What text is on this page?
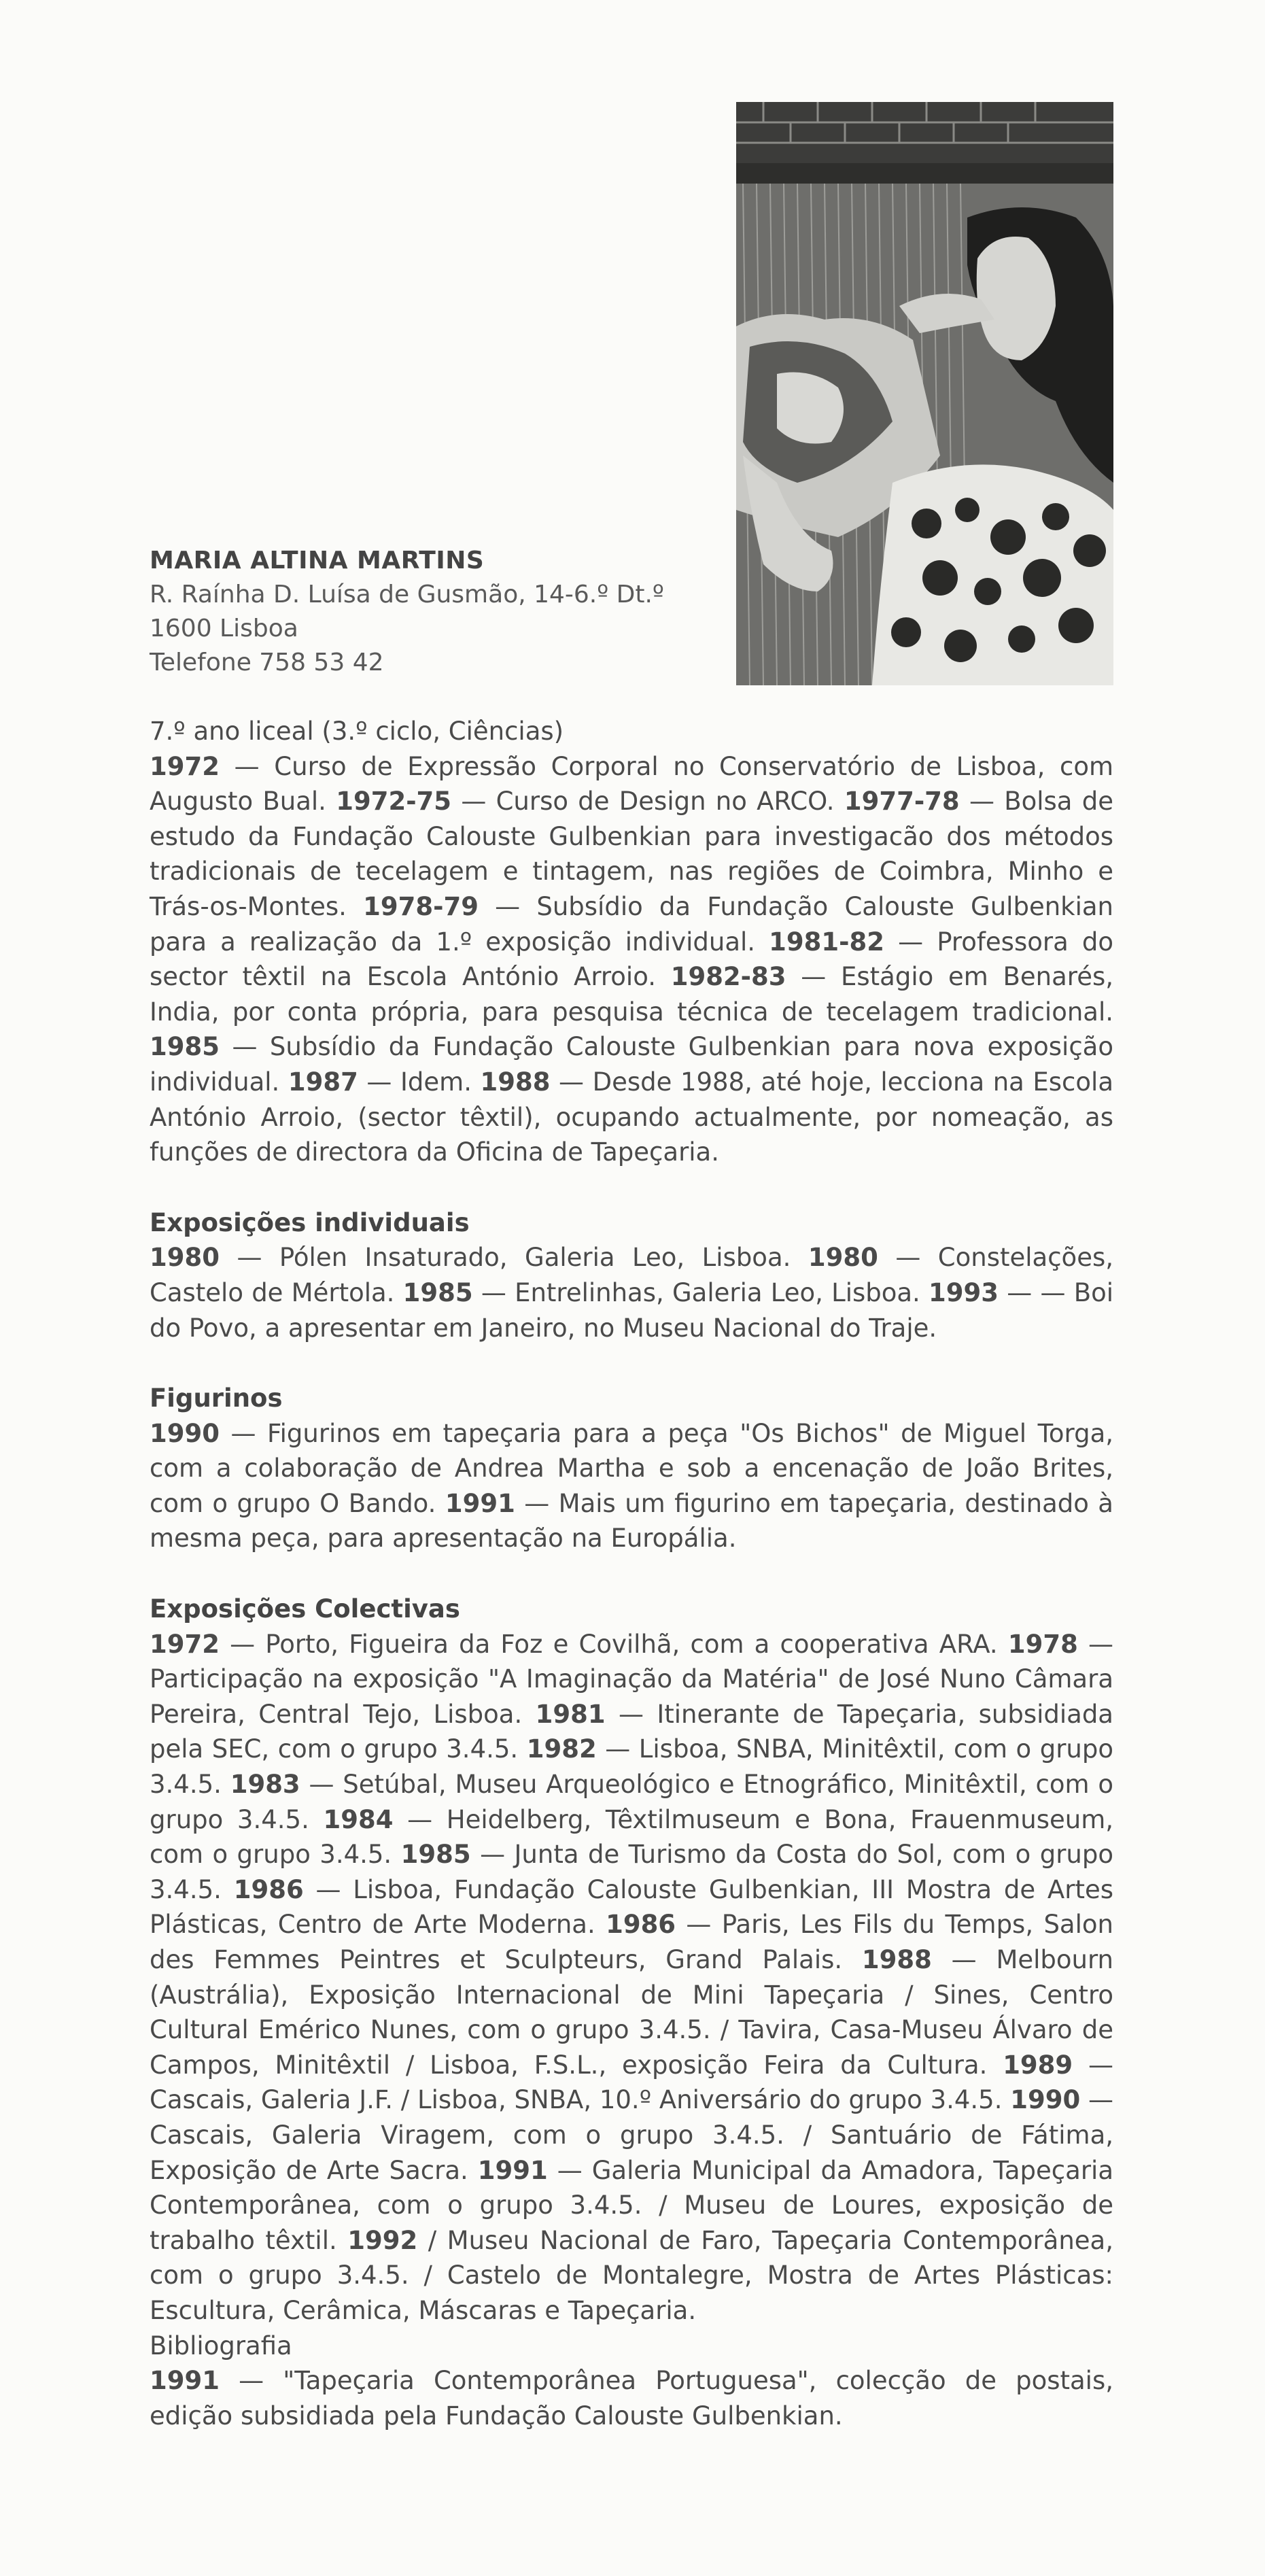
MARIA ALTINA MARTINS
R. Raínha D. Luísa de Gusmão, 14-6.º Dt.º
1600 Lisboa
Telefone 758 53 42

7.º ano liceal (3.º ciclo, Ciências)

1972 — Curso de Expressão Corporal no Conservatório de Lisboa, com Augusto Bual. 1972-75 — Curso de Design no ARCO. 1977-78 — Bolsa de estudo da Fundação Calouste Gulbenkian para investigacão dos métodos tradicionais de tecelagem e tintagem, nas regiões de Coimbra, Minho e Trás-os-Montes. 1978-79 — Subsídio da Fundação Calouste Gulbenkian para a realização da 1.º exposição individual. 1981-82 — Professora do sector têxtil na Escola António Arroio. 1982-83 — Estágio em Benarés, India, por conta própria, para pesquisa técnica de tecelagem tradicional. 1985 — Subsídio da Fundação Calouste Gulbenkian para nova exposição individual. 1987 — Idem. 1988 — Desde 1988, até hoje, lecciona na Escola António Arroio, (sector têxtil), ocupando actualmente, por nomeação, as funções de directora da Oficina de Tapeçaria.

Exposições individuais

1980 — Pólen Insaturado, Galeria Leo, Lisboa. 1980 — Constelações, Castelo de Mértola. 1985 — Entrelinhas, Galeria Leo, Lisboa. 1993 — — Boi do Povo, a apresentar em Janeiro, no Museu Nacional do Traje.

Figurinos

1990 — Figurinos em tapeçaria para a peça "Os Bichos" de Miguel Torga, com a colaboração de Andrea Martha e sob a encenação de João Brites, com o grupo O Bando. 1991 — Mais um figurino em tapeçaria, destinado à mesma peça, para apresentação na Europália.

Exposições Colectivas

1972 — Porto, Figueira da Foz e Covilhã, com a cooperativa ARA. 1978 — Participação na exposição "A Imaginação da Matéria" de José Nuno Câmara Pereira, Central Tejo, Lisboa. 1981 — Itinerante de Tapeçaria, subsidiada pela SEC, com o grupo 3.4.5. 1982 — Lisboa, SNBA, Minitêxtil, com o grupo 3.4.5. 1983 — Setúbal, Museu Arqueológico e Etnográfico, Minitêxtil, com o grupo 3.4.5. 1984 — Heidelberg, Têxtilmuseum e Bona, Frauenmuseum, com o grupo 3.4.5. 1985 — Junta de Turismo da Costa do Sol, com o grupo 3.4.5. 1986 — Lisboa, Fundação Calouste Gulbenkian, III Mostra de Artes Plásticas, Centro de Arte Moderna. 1986 — Paris, Les Fils du Temps, Salon des Femmes Peintres et Sculpteurs, Grand Palais. 1988 — Melbourn (Austrália), Exposição Internacional de Mini Tapeçaria / Sines, Centro Cultural Emérico Nunes, com o grupo 3.4.5. / Tavira, Casa-Museu Álvaro de Campos, Minitêxtil / Lisboa, F.S.L., exposição Feira da Cultura. 1989 — Cascais, Galeria J.F. / Lisboa, SNBA, 10.º Aniversário do grupo 3.4.5. 1990 — Cascais, Galeria Viragem, com o grupo 3.4.5. / Santuário de Fátima, Exposição de Arte Sacra. 1991 — Galeria Municipal da Amadora, Tapeçaria Contemporânea, com o grupo 3.4.5. / Museu de Loures, exposição de trabalho têxtil. 1992 / Museu Nacional de Faro, Tapeçaria Contemporânea, com o grupo 3.4.5. / Castelo de Montalegre, Mostra de Artes Plásticas: Escultura, Cerâmica, Máscaras e Tapeçaria.

Bibliografia

1991 — "Tapeçaria Contemporânea Portuguesa", colecção de postais, edição subsidiada pela Fundação Calouste Gulbenkian.
